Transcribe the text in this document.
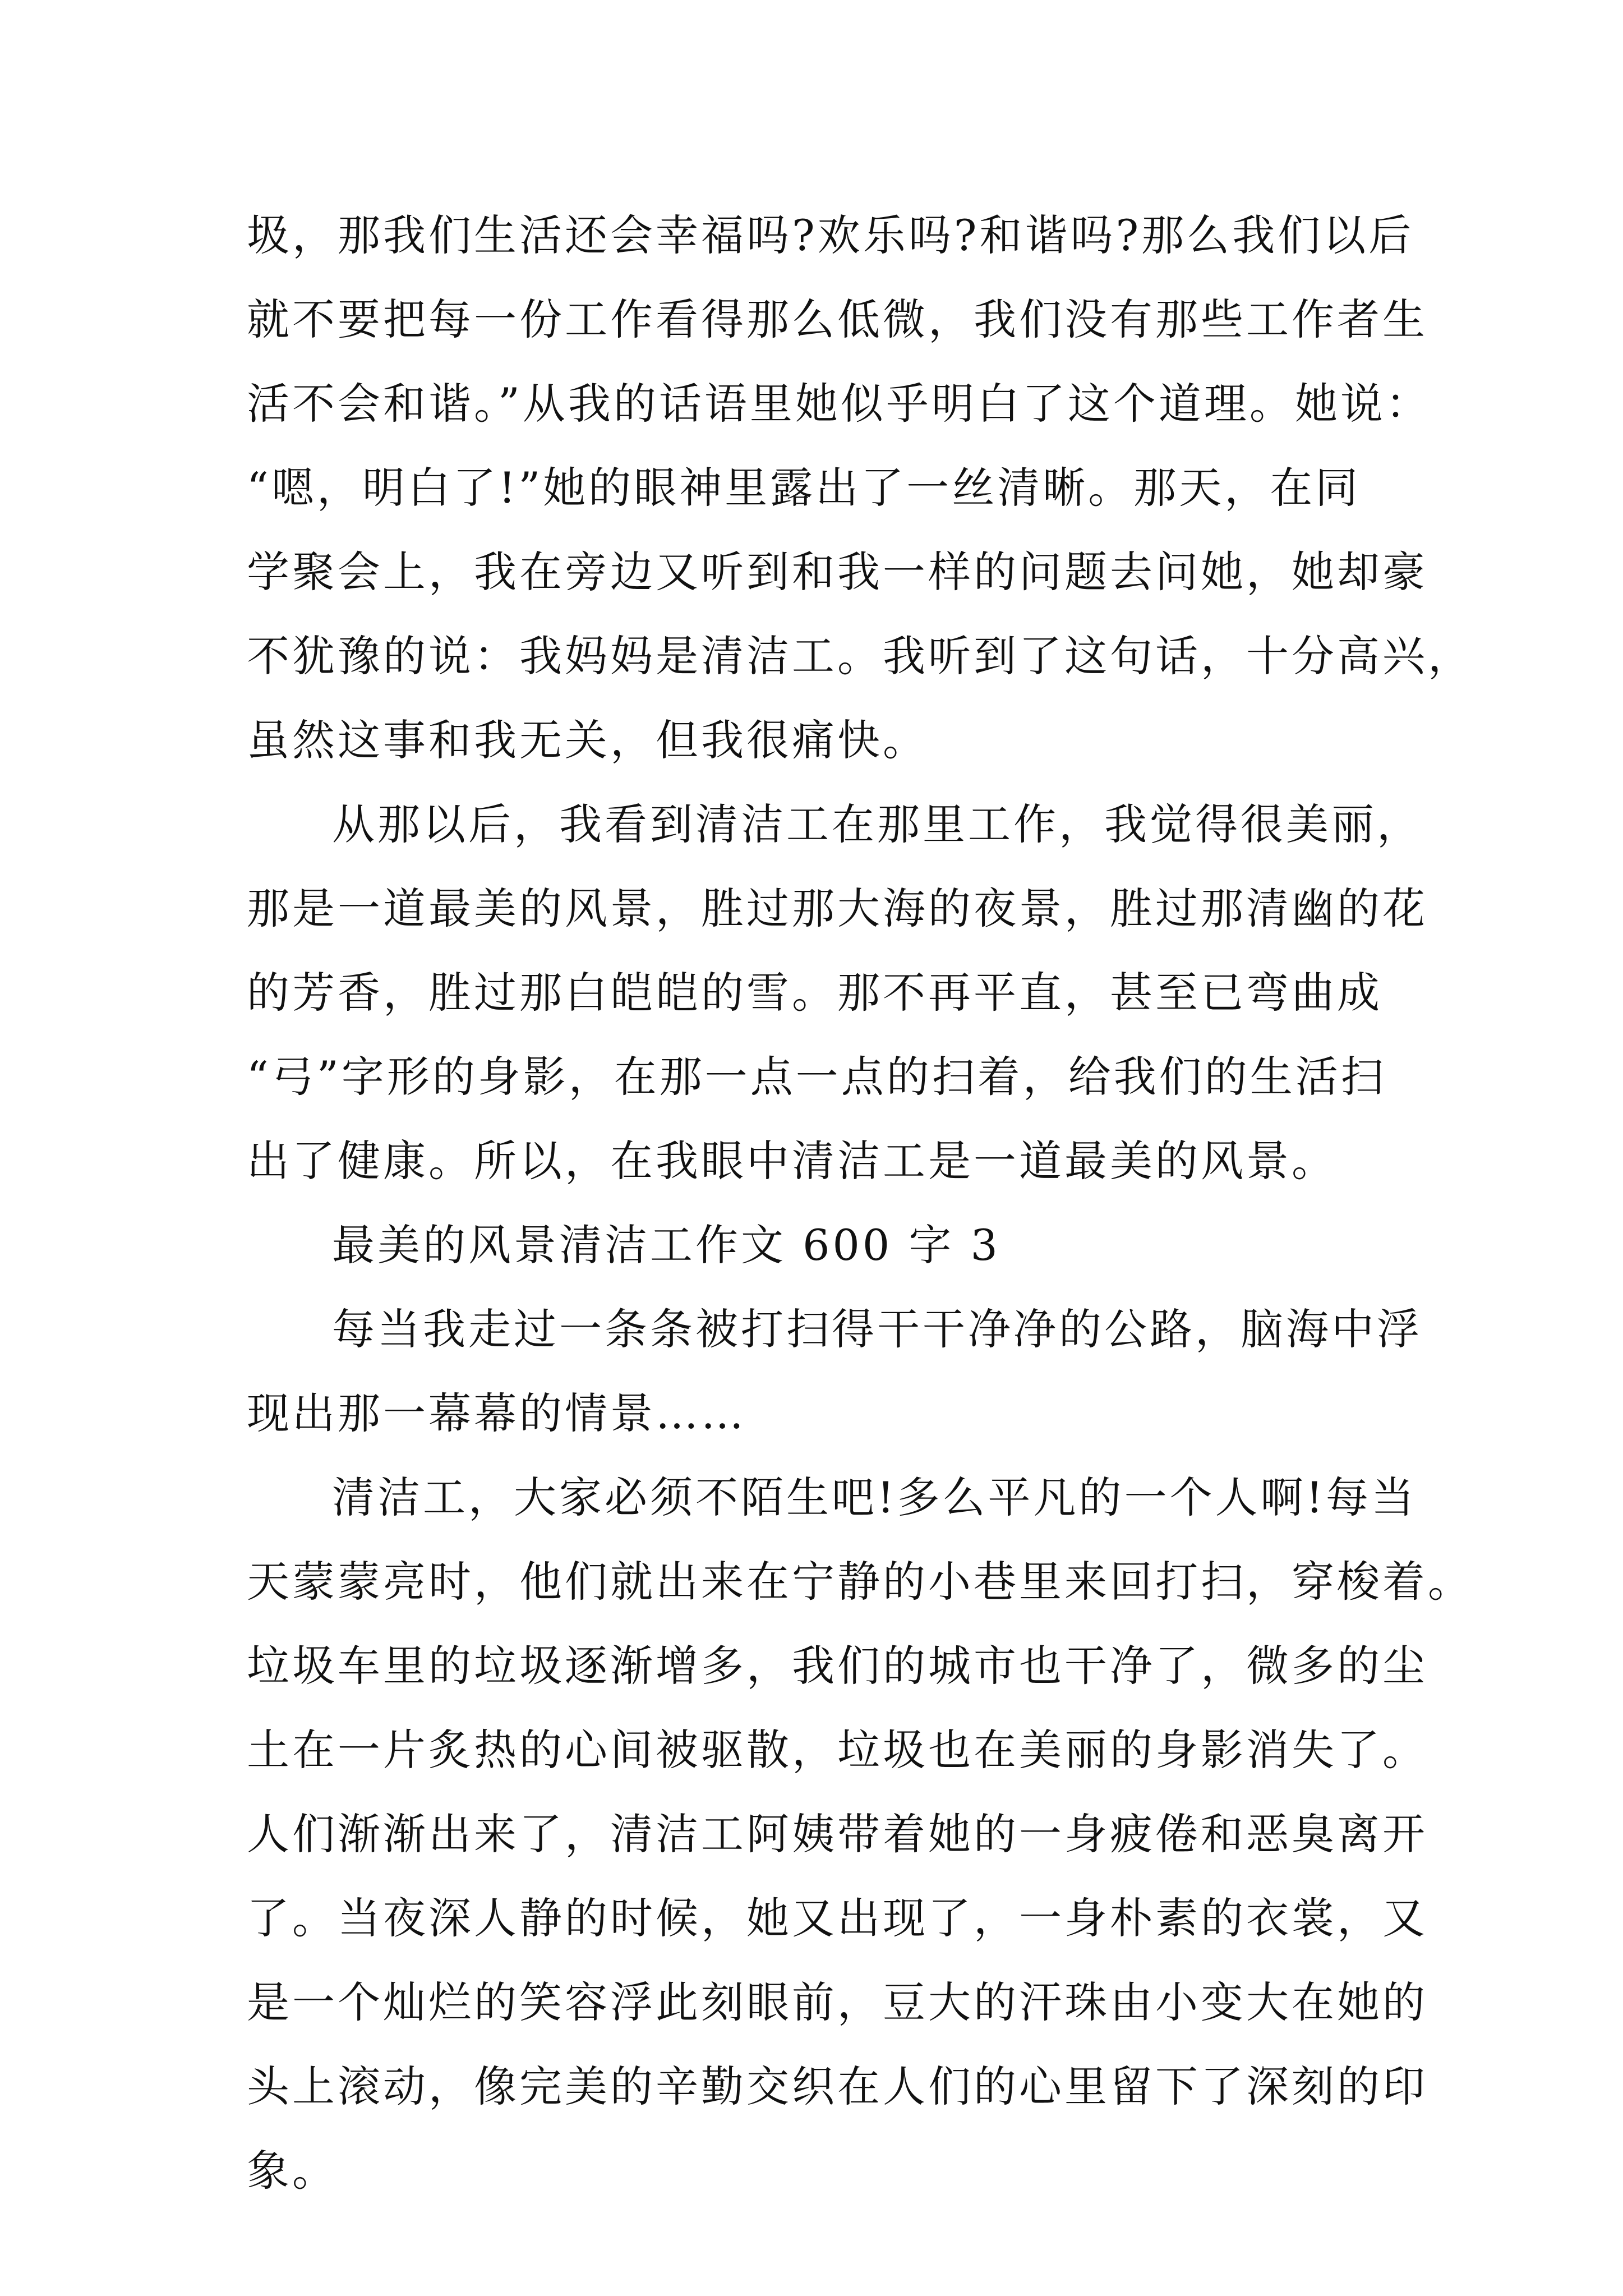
圾，那我们生活还会幸福吗?欢乐吗?和谐吗?那么我们以后
就不要把每一份工作看得那么低微，我们没有那些工作者生
活不会和谐。”从我的话语里她似乎明白了这个道理。她说：
“嗯，明白了!”她的眼神里露出了一丝清晰。那天，在同
学聚会上，我在旁边又听到和我一样的问题去问她，她却豪
不犹豫的说：我妈妈是清洁工。我听到了这句话，十分高兴，
虽然这事和我无关，但我很痛快。
从那以后，我看到清洁工在那里工作，我觉得很美丽，
那是一道最美的风景，胜过那大海的夜景，胜过那清幽的花
的芳香，胜过那白皑皑的雪。那不再平直，甚至已弯曲成
“弓”字形的身影，在那一点一点的扫着，给我们的生活扫
出了健康。所以，在我眼中清洁工是一道最美的风景。
最美的风景清洁工作文 600 字 3
每当我走过一条条被打扫得干干净净的公路，脑海中浮
现出那一幕幕的情景……
清洁工，大家必须不陌生吧!多么平凡的一个人啊!每当
天蒙蒙亮时，他们就出来在宁静的小巷里来回打扫，穿梭着。
垃圾车里的垃圾逐渐增多，我们的城市也干净了，微多的尘
土在一片炙热的心间被驱散，垃圾也在美丽的身影消失了。
人们渐渐出来了，清洁工阿姨带着她的一身疲倦和恶臭离开
了。当夜深人静的时候，她又出现了，一身朴素的衣裳，又
是一个灿烂的笑容浮此刻眼前，豆大的汗珠由小变大在她的
头上滚动，像完美的辛勤交织在人们的心里留下了深刻的印
象。
